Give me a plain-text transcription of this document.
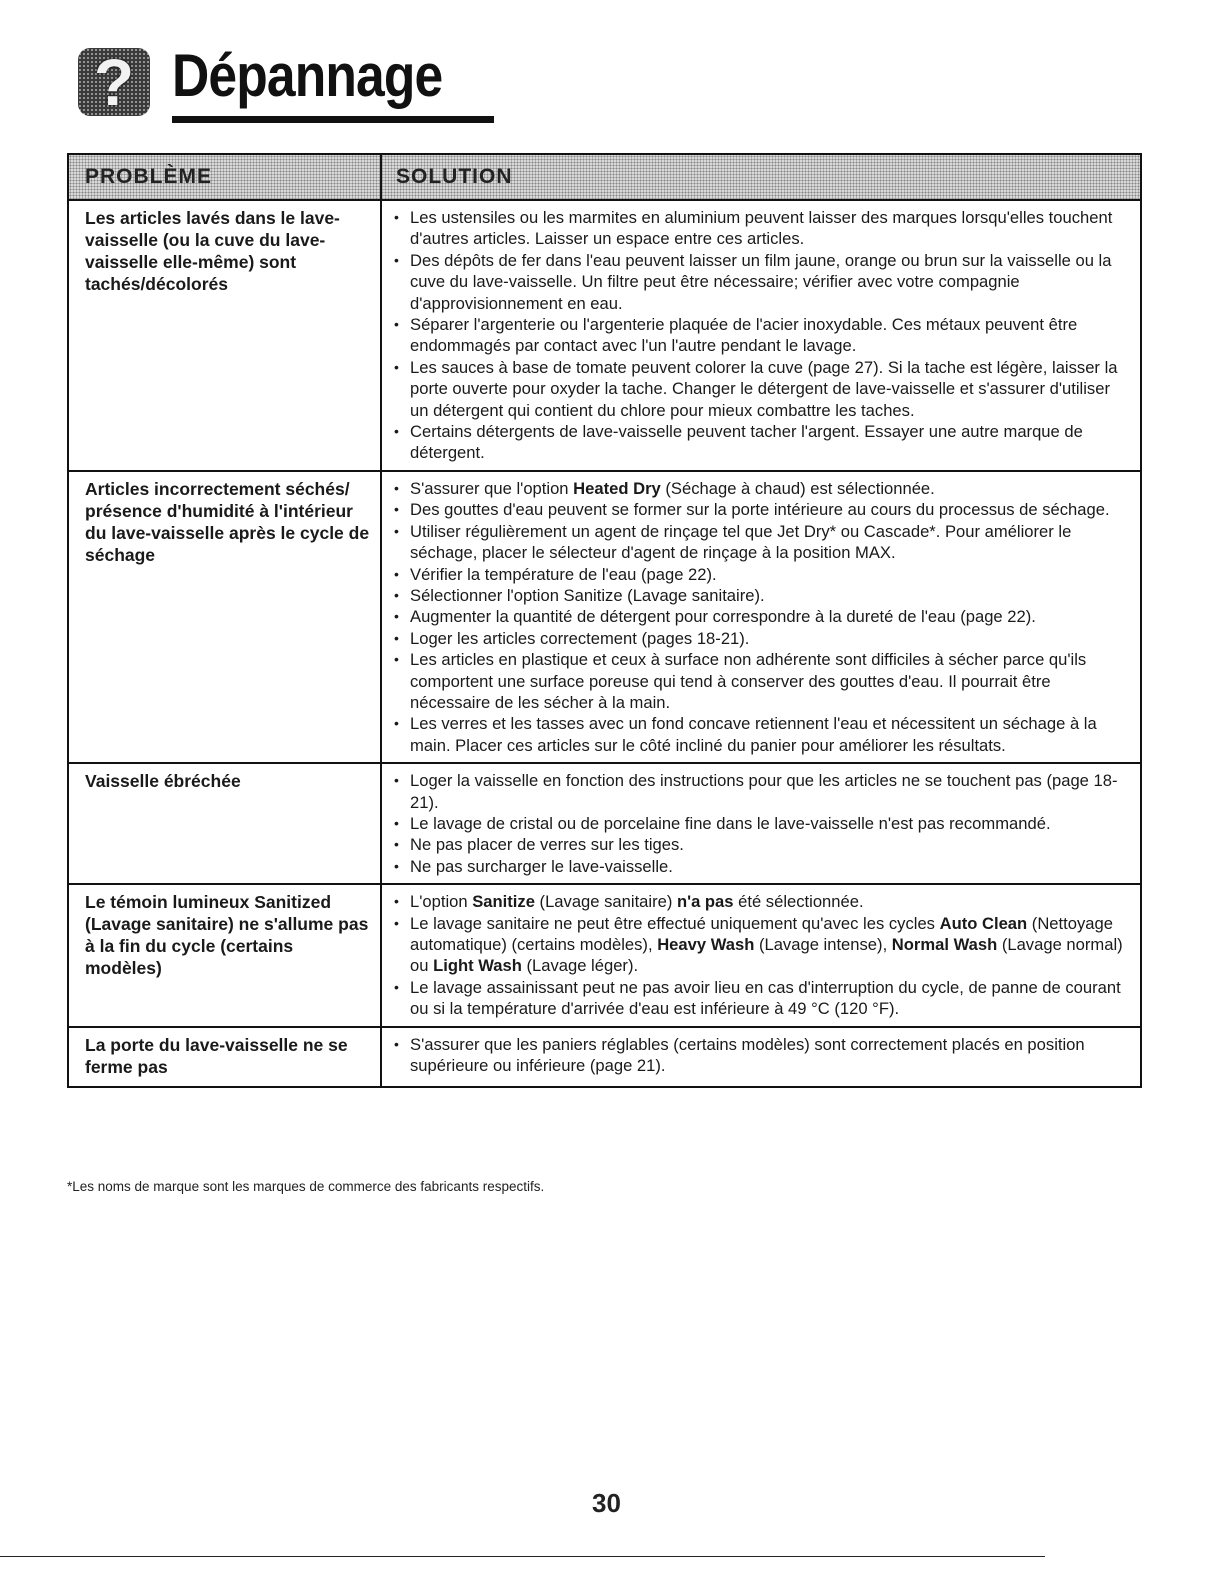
? Dépannage
PROBLÈME	SOLUTION
Les articles lavés dans le lave-vaisselle (ou la cuve du lave-vaisselle elle-même) sont tachés/décolorés
• Les ustensiles ou les marmites en aluminium peuvent laisser des marques lorsqu'elles touchent d'autres articles. Laisser un espace entre ces articles.
• Des dépôts de fer dans l'eau peuvent laisser un film jaune, orange ou brun sur la vaisselle ou la cuve du lave-vaisselle. Un filtre peut être nécessaire; vérifier avec votre compagnie d'approvisionnement en eau.
• Séparer l'argenterie ou l'argenterie plaquée de l'acier inoxydable. Ces métaux peuvent être endommagés par contact avec l'un l'autre pendant le lavage.
• Les sauces à base de tomate peuvent colorer la cuve (page 27). Si la tache est légère, laisser la porte ouverte pour oxyder la tache. Changer le détergent de lave-vaisselle et s'assurer d'utiliser un détergent qui contient du chlore pour mieux combattre les taches.
• Certains détergents de lave-vaisselle peuvent tacher l'argent. Essayer une autre marque de détergent.
Articles incorrectement séchés/ présence d'humidité à l'intérieur du lave-vaisselle après le cycle de séchage
• S'assurer que l'option Heated Dry (Séchage à chaud) est sélectionnée.
• Des gouttes d'eau peuvent se former sur la porte intérieure au cours du processus de séchage.
• Utiliser régulièrement un agent de rinçage tel que Jet Dry* ou Cascade*. Pour améliorer le séchage, placer le sélecteur d'agent de rinçage à la position MAX.
• Vérifier la température de l'eau (page 22).
• Sélectionner l'option Sanitize (Lavage sanitaire).
• Augmenter la quantité de détergent pour correspondre à la dureté de l'eau (page 22).
• Loger les articles correctement (pages 18-21).
• Les articles en plastique et ceux à surface non adhérente sont difficiles à sécher parce qu'ils comportent une surface poreuse qui tend à conserver des gouttes d'eau. Il pourrait être nécessaire de les sécher à la main.
• Les verres et les tasses avec un fond concave retiennent l'eau et nécessitent un séchage à la main. Placer ces articles sur le côté incliné du panier pour améliorer les résultats.
Vaisselle ébréchée
•	Loger la vaisselle en fonction des instructions pour que les articles ne se touchent pas (page 18-21).
• Le lavage de cristal ou de porcelaine fine dans le lave-vaisselle n'est pas recommandé.
• Ne pas placer de verres sur les tiges.
• Ne pas surcharger le lave-vaisselle.
Le témoin lumineux Sanitized (Lavage sanitaire) ne s'allume pas à la fin du cycle (certains modèles)
• L'option Sanitize (Lavage sanitaire) n'a pas été sélectionnée.
• Le lavage sanitaire ne peut être effectué uniquement qu'avec les cycles Auto Clean (Nettoyage automatique) (certains modèles), Heavy Wash (Lavage intense), Normal Wash (Lavage normal) ou Light Wash (Lavage léger).
• Le lavage assainissant peut ne pas avoir lieu en cas d'interruption du cycle, de panne de courant ou si la température d'arrivée d'eau est inférieure à 49 °C (120 °F).
La porte du lave-vaisselle ne se ferme pas
• S'assurer que les paniers réglables (certains modèles) sont correctement placés en position supérieure ou inférieure (page 21).
*Les noms de marque sont les marques de commerce des fabricants respectifs.
30
